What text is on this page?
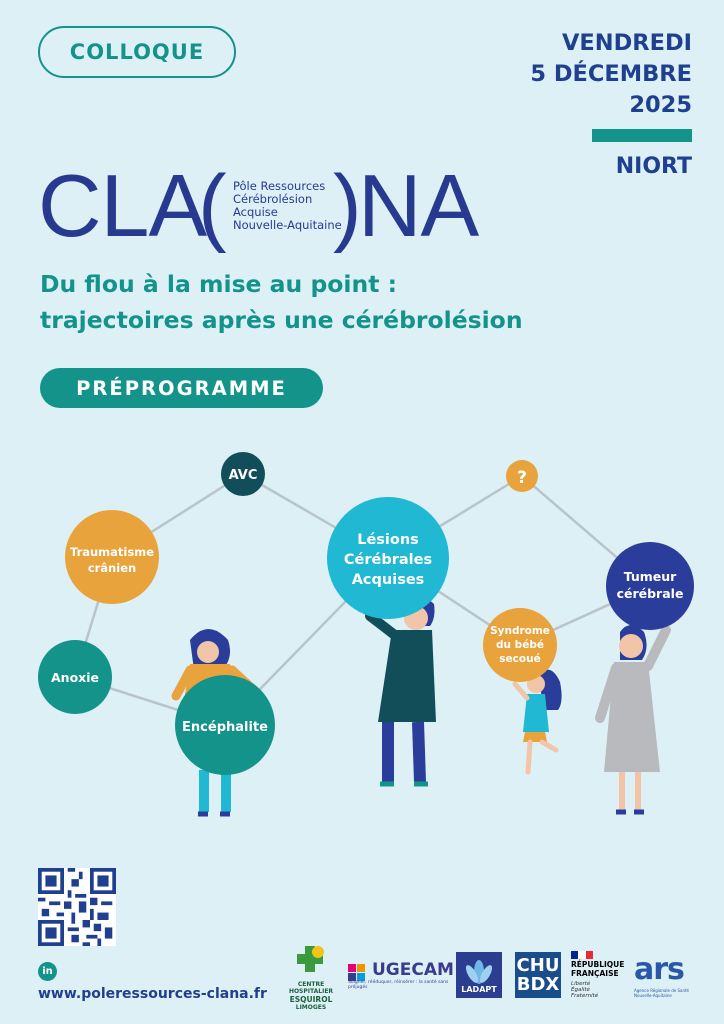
COLLOQUE	VENDREDI
5 DÉCEMBRE
2025
NIORT
CLA
( Pôle Ressources
Cérébrolésion
Acquise
Nouvelle-Aquitaine
)
NA
Du flou à la mise au point :
trajectoires après une cérébrolésion
PRÉPROGRAMME
Traumatisme
crânien
AVC
Anoxie
Encéphalite
Lésions
Cérébrales
Acquises
?
Syndrome
du bébé
secoué
Tumeur
cérébrale
in
www.poleressources-clana.fr
CENTRE HOSPITALIER
ESQUIROL
LIMOGES
UGECAM
Soigner, rééduquer, réinsérer : la santé sans préjugés	LADAPT
CHU
BDX
RÉPUBLIQUE
FRANÇAISE
Liberté
Égalité
Fraternité
ars
Agence Régionale de Santé Nouvelle-Aquitaine
